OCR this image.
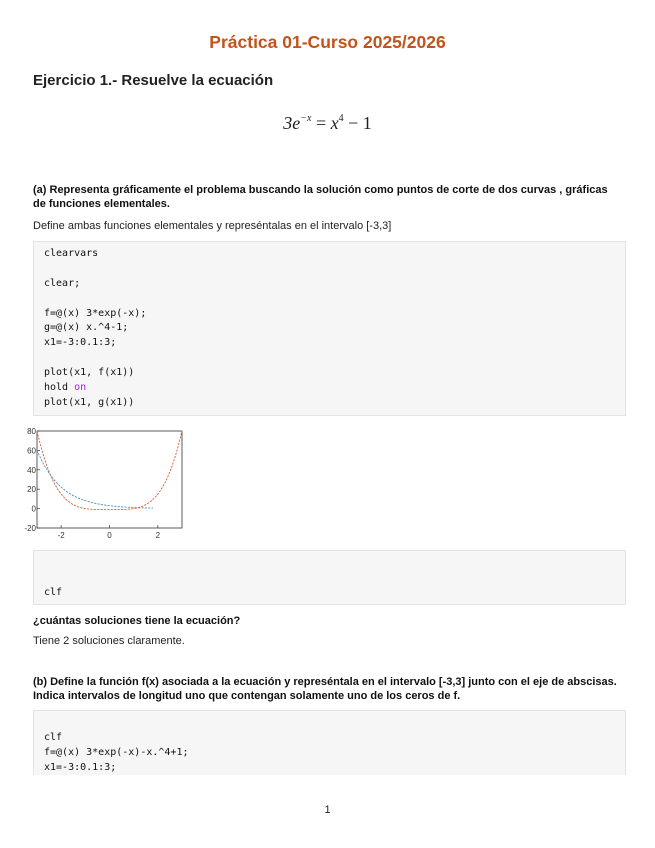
Práctica 01-Curso 2025/2026
Ejercicio 1.- Resuelve la ecuación
$3e^{-x} = x^4 - 1$
(a) Representa gráficamente el problema buscando la solución como puntos de corte de dos curvas , gráficas de funciones elementales.
Define ambas funciones elementales y represéntalas en el intervalo [-3,3]
clearvars
clear;
f=@(x) 3*exp(-x);
g=@(x) x.^4-1;
x1=-3:0.1:3;
plot(x1, f(x1))
hold on
plot(x1, g(x1))
80
60
40
20
0
-20
-2	0	2
clf
¿cuántas soluciones tiene la ecuación?
Tiene 2 soluciones claramente.
(b) Define la función f(x) asociada a la ecuación y represéntala en el intervalo [-3,3] junto con el eje de abscisas. Indica intervalos de longitud uno que contengan solamente uno de los ceros de f.
clf
f=@(x) 3*exp(-x)-x.^4+1;
x1=-3:0.1:3;
1
